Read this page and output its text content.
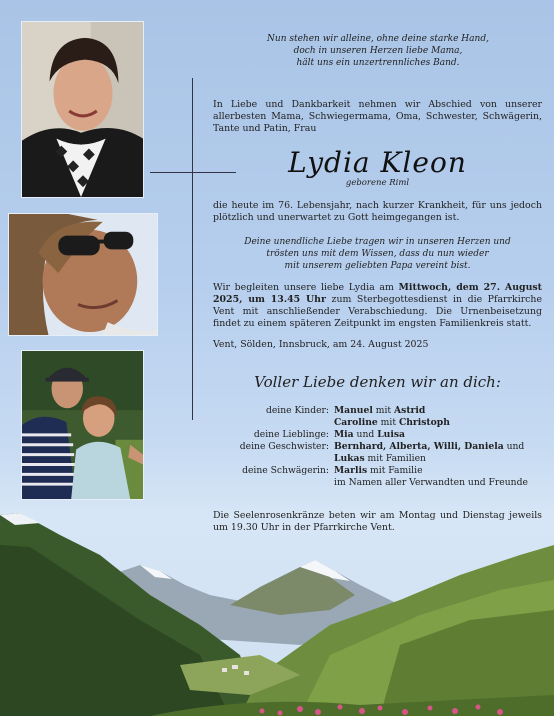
Nun stehen wir alleine, ohne deine starke Hand,
doch in unseren Herzen liebe Mama,
hält uns ein unzertrennliches Band.
In Liebe und Dankbarkeit nehmen wir Abschied von unserer allerbesten Mama, Schwiegermama, Oma, Schwester, Schwägerin, Tante und Patin, Frau
Lydia Kleon
geborene Riml
die heute im 76. Lebensjahr, nach kurzer Krankheit, für uns jedoch plötzlich und unerwartet zu Gott heimgegangen ist.
Deine unendliche Liebe tragen wir in unseren Herzen und
trösten uns mit dem Wissen, dass du nun wieder
mit unserem geliebten Papa vereint bist.
Wir begleiten unsere liebe Lydia am Mittwoch, dem 27. August 2025, um 13.45 Uhr zum Sterbegottesdienst in die Pfarrkirche Vent mit anschließender Verabschiedung. Die Urnenbeisetzung findet zu einem späteren Zeitpunkt im engsten Familienkreis statt.
Vent, Sölden, Innsbruck, am 24. August 2025
Voller Liebe denken wir an dich:
deine Kinder: Manuel mit Astrid
Caroline mit Christoph
deine Lieblinge: Mia und Luisa
deine Geschwister: Bernhard, Alberta, Willi, Daniela und
Lukas mit Familien
deine Schwägerin: Marlis mit Familie
im Namen aller Verwandten und Freunde
Die Seelenrosenkränze beten wir am Montag und Dienstag jeweils um 19.30 Uhr in der Pfarrkirche Vent.
